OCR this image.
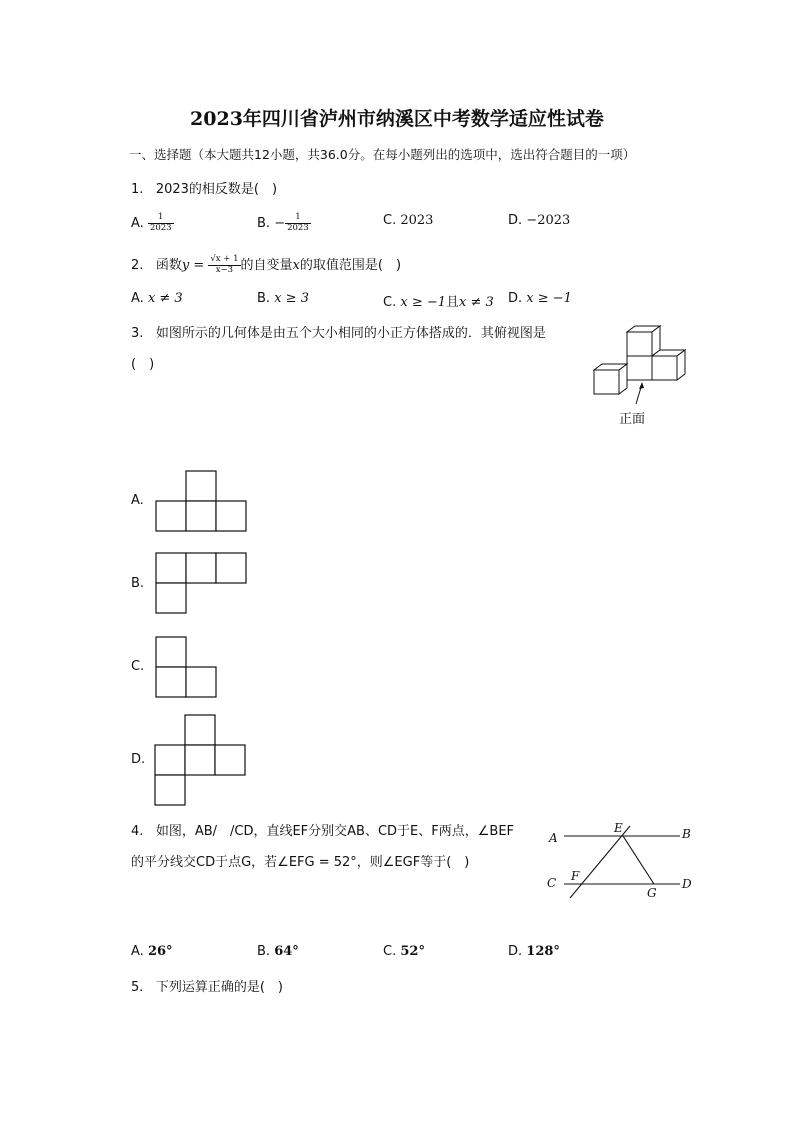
2023年四川省泸州市纳溪区中考数学适应性试卷
一、选择题（本大题共12小题，共36.0分。在每小题列出的选项中，选出符合题目的一项）
1. 2023的相反数是(　)
A. $\frac{1}{2023}$	B. − $\frac{1}{2023}$	C. 2023	D. −2023
2. 函数$y = \frac{√x + 1}{x-3}$ 的自变量x的取值范围是(　)
A. x ≠ 3	B. x ≥ 3	C. x ≥ −1且x ≠ 3 D. x ≥ −1
3. 如图所示的几何体是由五个大小相同的小正方体搭成的．其俯视图是
(　)
正面
A.
B.
C.
D.
4. 如图，AB/　/CD，直线EF分别交AB、CD于E、F两点，∠BEF
的平分线交CD于点G，若∠EFG = 52°，则∠EGF等于(　)
A	B
C	D
E
F
G
A. 26°	B. 64°	C. 52°	D. 128°
5. 下列运算正确的是(　)
